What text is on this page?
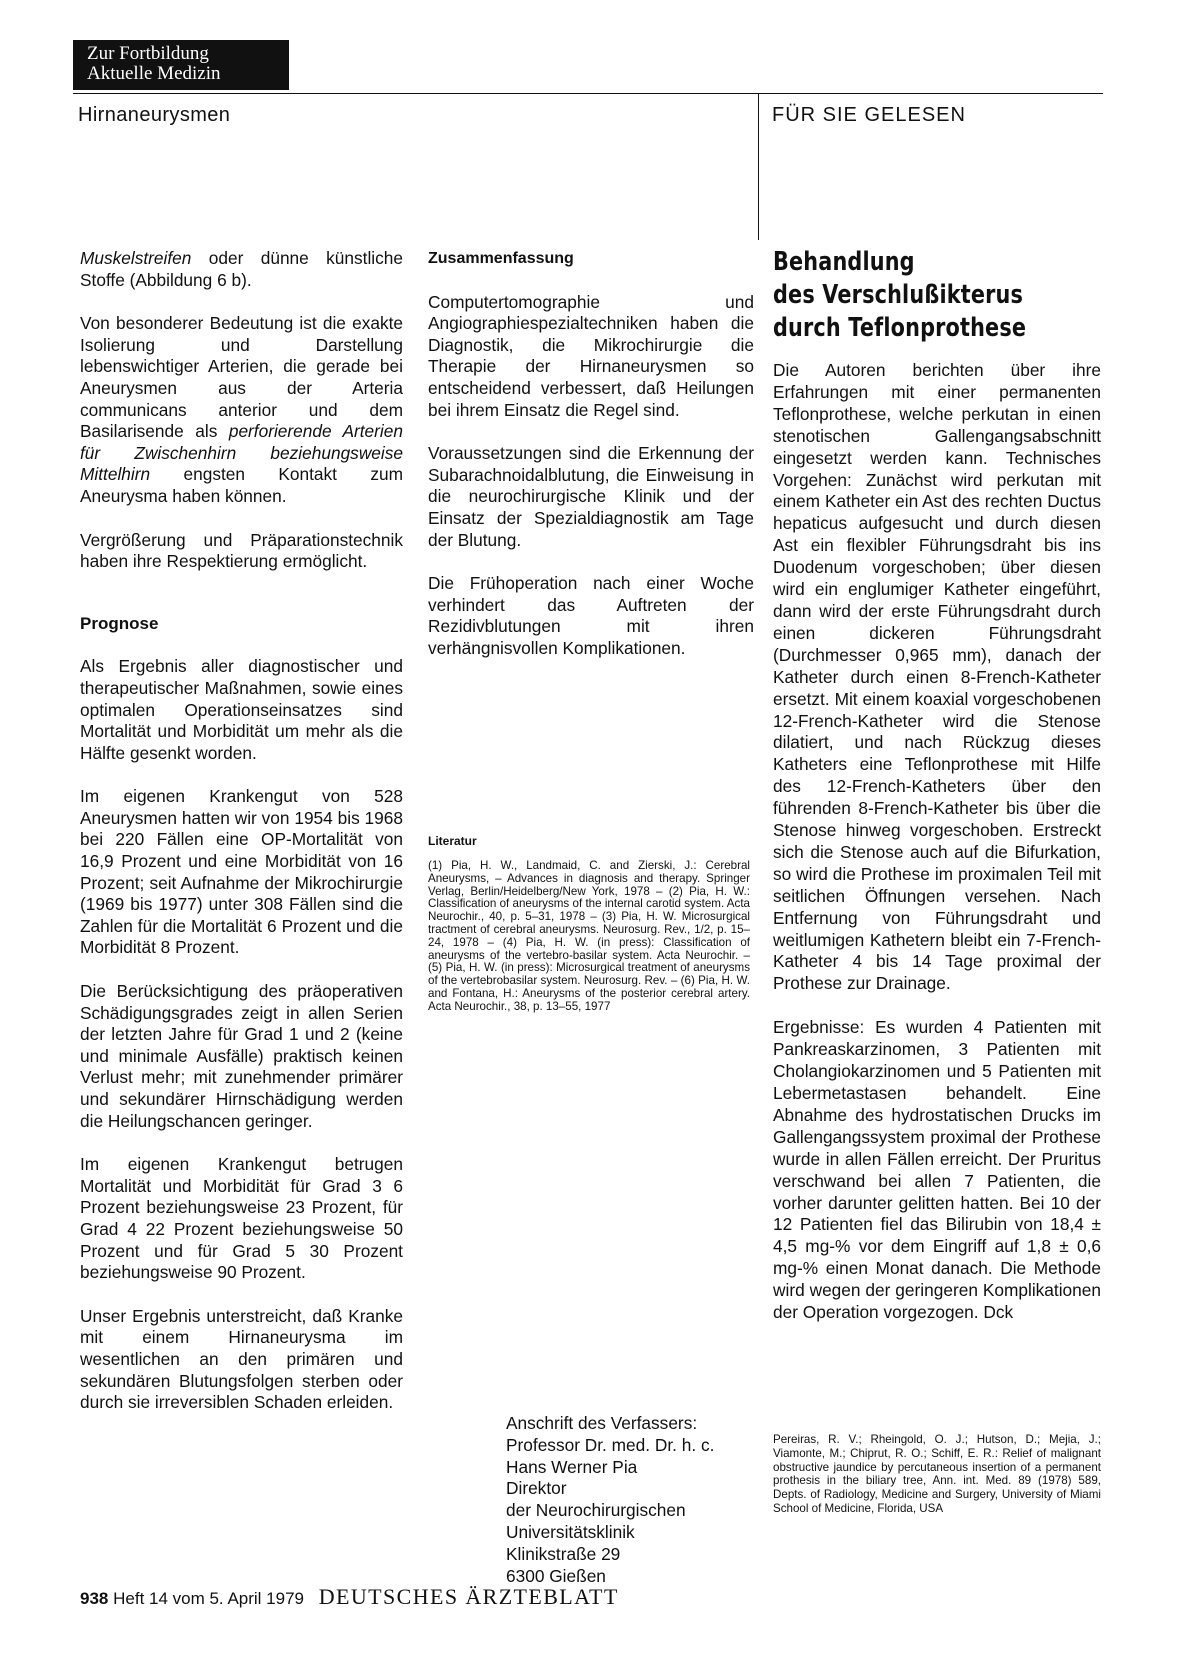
Zur Fortbildung
Aktuelle Medizin
Hirnaneurysmen	FÜR SIE GELESEN

Muskelstreifen oder dünne künstliche Stoffe (Abbildung 6 b).

Von besonderer Bedeutung ist die exakte Isolierung und Darstellung lebenswichtiger Arterien, die gerade bei Aneurysmen aus der Arteria communicans anterior und dem Basilarisende als perforierende Arterien für Zwischenhirn beziehungsweise Mittelhirn engsten Kontakt zum Aneurysma haben können.

Vergrößerung und Präparationstechnik haben ihre Respektierung ermöglicht.

Prognose

Als Ergebnis aller diagnostischer und therapeutischer Maßnahmen, sowie eines optimalen Operationseinsatzes sind Mortalität und Morbidität um mehr als die Hälfte gesenkt worden.

Im eigenen Krankengut von 528 Aneurysmen hatten wir von 1954 bis 1968 bei 220 Fällen eine OP-Mortalität von 16,9 Prozent und eine Morbidität von 16 Prozent; seit Aufnahme der Mikrochirurgie (1969 bis 1977) unter 308 Fällen sind die Zahlen für die Mortalität 6 Prozent und die Morbidität 8 Prozent.

Die Berücksichtigung des präoperativen Schädigungsgrades zeigt in allen Serien der letzten Jahre für Grad 1 und 2 (keine und minimale Ausfälle) praktisch keinen Verlust mehr; mit zunehmender primärer und sekundärer Hirnschädigung werden die Heilungschancen geringer.

Im eigenen Krankengut betrugen Mortalität und Morbidität für Grad 3 6 Prozent beziehungsweise 23 Prozent, für Grad 4 22 Prozent beziehungsweise 50 Prozent und für Grad 5 30 Prozent beziehungsweise 90 Prozent.

Unser Ergebnis unterstreicht, daß Kranke mit einem Hirnaneurysma im wesentlichen an den primären und sekundären Blutungsfolgen sterben oder durch sie irreversiblen Schaden erleiden.

Zusammenfassung

Computertomographie und Angiographiespezialtechniken haben die Diagnostik, die Mikrochirurgie die Therapie der Hirnaneurysmen so entscheidend verbessert, daß Heilungen bei ihrem Einsatz die Regel sind.

Voraussetzungen sind die Erkennung der Subarachnoidalblutung, die Einweisung in die neurochirurgische Klinik und der Einsatz der Spezialdiagnostik am Tage der Blutung.

Die Frühoperation nach einer Woche verhindert das Auftreten der Rezidivblutungen mit ihren verhängnisvollen Komplikationen.

Literatur
(1) Pia, H. W., Landmaid, C. and Zierski, J.: Cerebral Aneurysms, – Advances in diagnosis and therapy. Springer Verlag, Berlin/Heidelberg/New York, 1978 – (2) Pia, H. W.: Classification of aneurysms of the internal carotid system. Acta Neurochir., 40, p. 5–31, 1978 – (3) Pia, H. W. Microsurgical tractment of cerebral aneurysms. Neurosurg. Rev., 1/2, p. 15–24, 1978 – (4) Pia, H. W. (in press): Classification of aneurysms of the vertebro-basilar system. Acta Neurochir. – (5) Pia, H. W. (in press): Microsurgical treatment of aneurysms of the vertebrobasilar system. Neurosurg. Rev. – (6) Pia, H. W. and Fontana, H.: Aneurysms of the posterior cerebral artery. Acta Neurochir., 38, p. 13–55, 1977
Anschrift des Verfassers:
Professor Dr. med. Dr. h. c.
Hans Werner Pia
Direktor
der Neurochirurgischen
Universitätsklinik
Klinikstraße 29
6300 Gießen
Behandlung
des Verschlußikterus
durch Teflonprothese

Die Autoren berichten über ihre Erfahrungen mit einer permanenten Teflonprothese, welche perkutan in einen stenotischen Gallengangsabschnitt eingesetzt werden kann. Technisches Vorgehen: Zunächst wird perkutan mit einem Katheter ein Ast des rechten Ductus hepaticus aufgesucht und durch diesen Ast ein flexibler Führungsdraht bis ins Duodenum vorgeschoben; über diesen wird ein englumiger Katheter eingeführt, dann wird der erste Führungsdraht durch einen dickeren Führungsdraht (Durchmesser 0,965 mm), danach der Katheter durch einen 8-French-Katheter ersetzt. Mit einem koaxial vorgeschobenen 12-French-Katheter wird die Stenose dilatiert, und nach Rückzug dieses Katheters eine Teflonprothese mit Hilfe des 12-French-Katheters über den führenden 8-French-Katheter bis über die Stenose hinweg vorgeschoben. Erstreckt sich die Stenose auch auf die Bifurkation, so wird die Prothese im proximalen Teil mit seitlichen Öffnungen versehen. Nach Entfernung von Führungsdraht und weitlumigen Kathetern bleibt ein 7-French-Katheter 4 bis 14 Tage proximal der Prothese zur Drainage.

Ergebnisse: Es wurden 4 Patienten mit Pankreaskarzinomen, 3 Patienten mit Cholangiokarzinomen und 5 Patienten mit Lebermetastasen behandelt. Eine Abnahme des hydrostatischen Drucks im Gallengangssystem proximal der Prothese wurde in allen Fällen erreicht. Der Pruritus verschwand bei allen 7 Patienten, die vorher darunter gelitten hatten. Bei 10 der 12 Patienten fiel das Bilirubin von 18,4 ± 4,5 mg-% vor dem Eingriff auf 1,8 ± 0,6 mg-% einen Monat danach. Die Methode wird wegen der geringeren Komplikationen der Operation vorgezogen. Dck

Pereiras, R. V.; Rheingold, O. J.; Hutson, D.; Mejia, J.; Viamonte, M.; Chiprut, R. O.; Schiff, E. R.: Relief of malignant obstructive jaundice by percutaneous insertion of a permanent prothesis in the biliary tree, Ann. int. Med. 89 (1978) 589, Depts. of Radiology, Medicine and Surgery, University of Miami School of Medicine, Florida, USA
938 Heft 14 vom 5. April 1979 DEUTSCHES ÄRZTEBLATT
